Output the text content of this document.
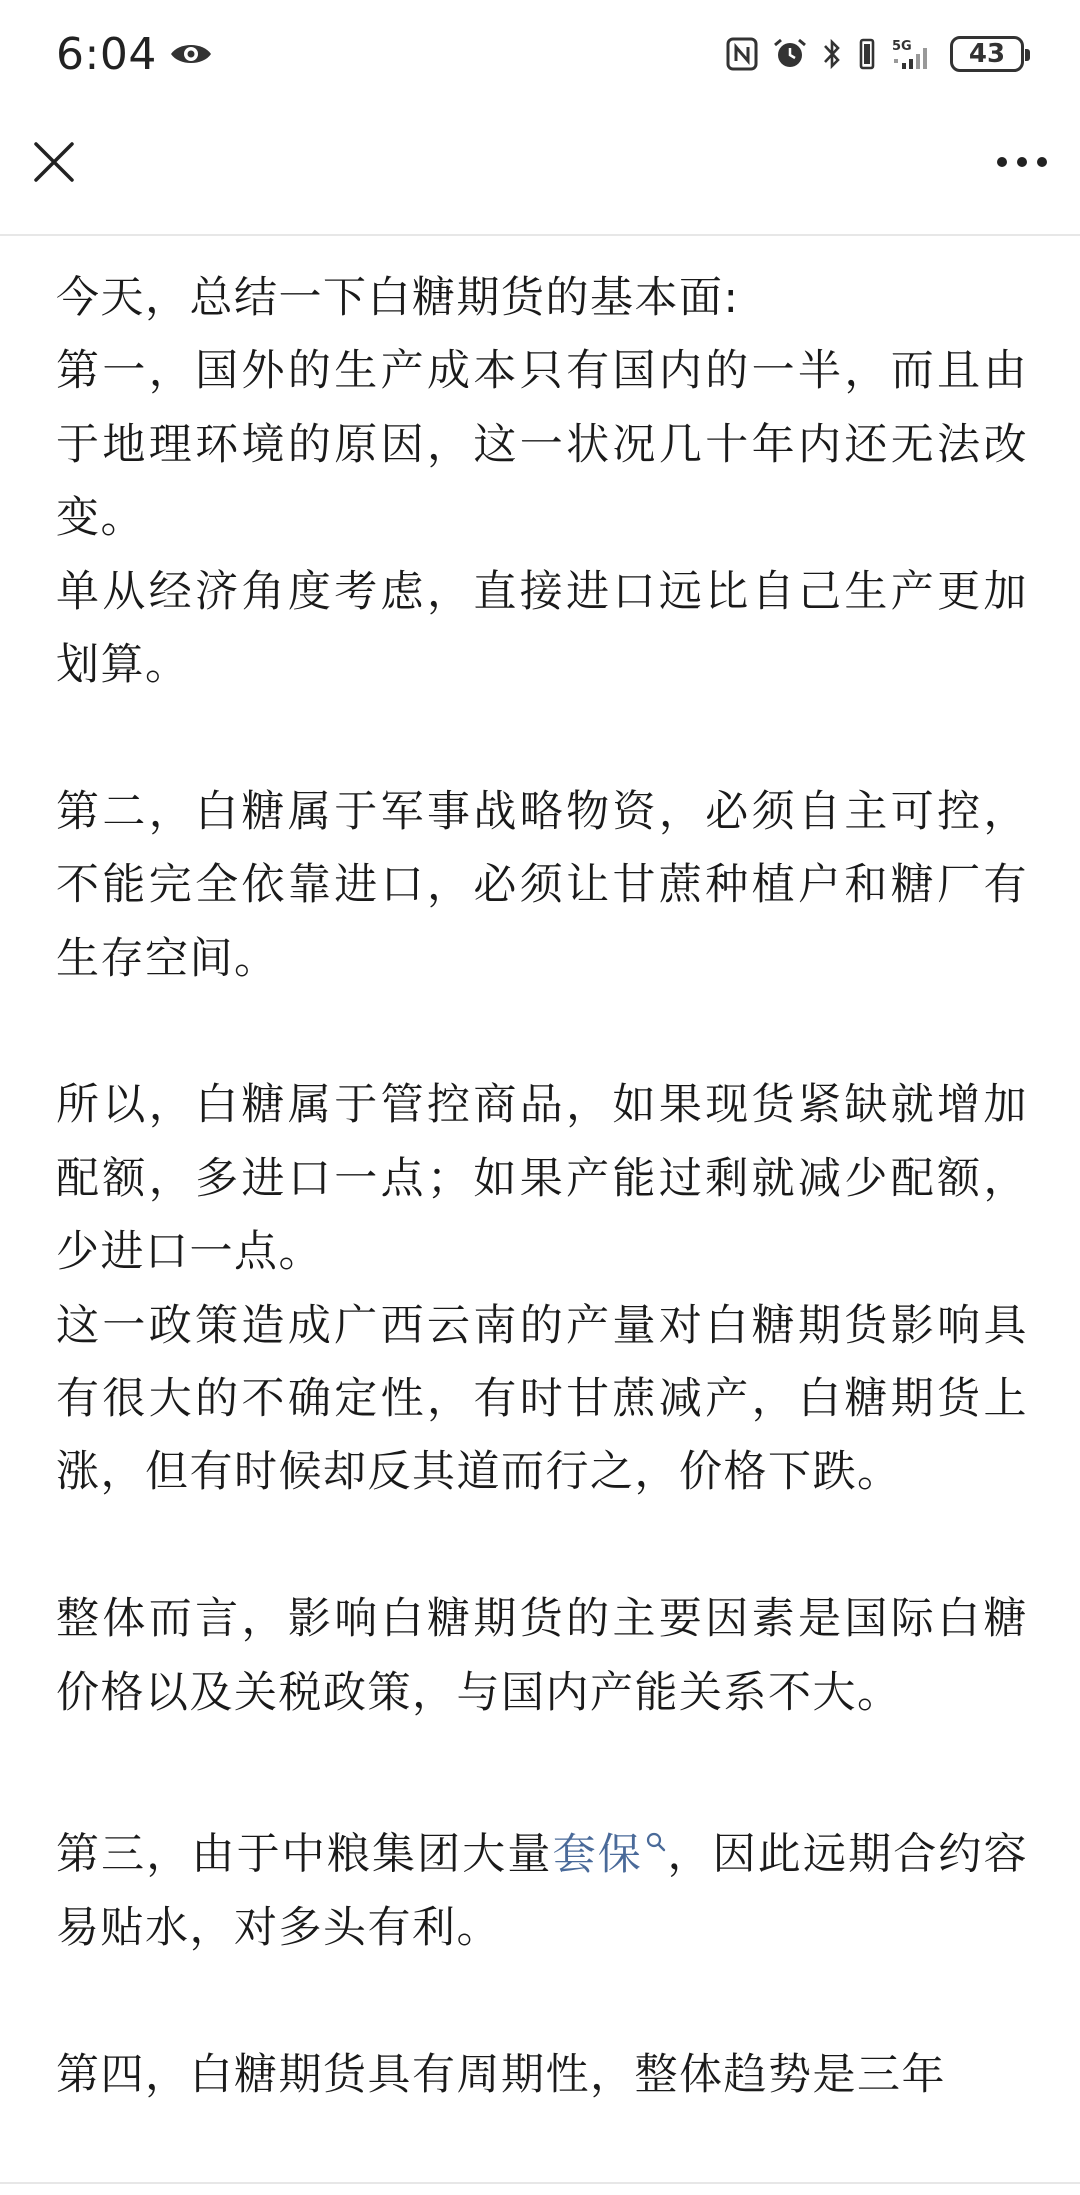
6:04	5G	43

今天，总结一下白糖期货的基本面:

第一，国外的生产成本只有国内的一半，而且由于地理环境的原因，这一状况几十年内还无法改变。

单从经济角度考虑，直接进口远比自己生产更加划算。

第二，白糖属于军事战略物资，必须自主可控，不能完全依靠进口，必须让甘蔗种植户和糖厂有生存空间。

所以，白糖属于管控商品，如果现货紧缺就增加配额，多进口一点；如果产能过剩就减少配额，少进口一点。

这一政策造成广西云南的产量对白糖期货影响具有很大的不确定性，有时甘蔗减产，白糖期货上涨，但有时候却反其道而行之，价格下跌。

整体而言，影响白糖期货的主要因素是国际白糖价格以及关税政策，与国内产能关系不大。

第三，由于中粮集团大量套保 ，因此远期合约容易贴水，对多头有利。

第四，白糖期货具有周期性，整体趋势是三年
